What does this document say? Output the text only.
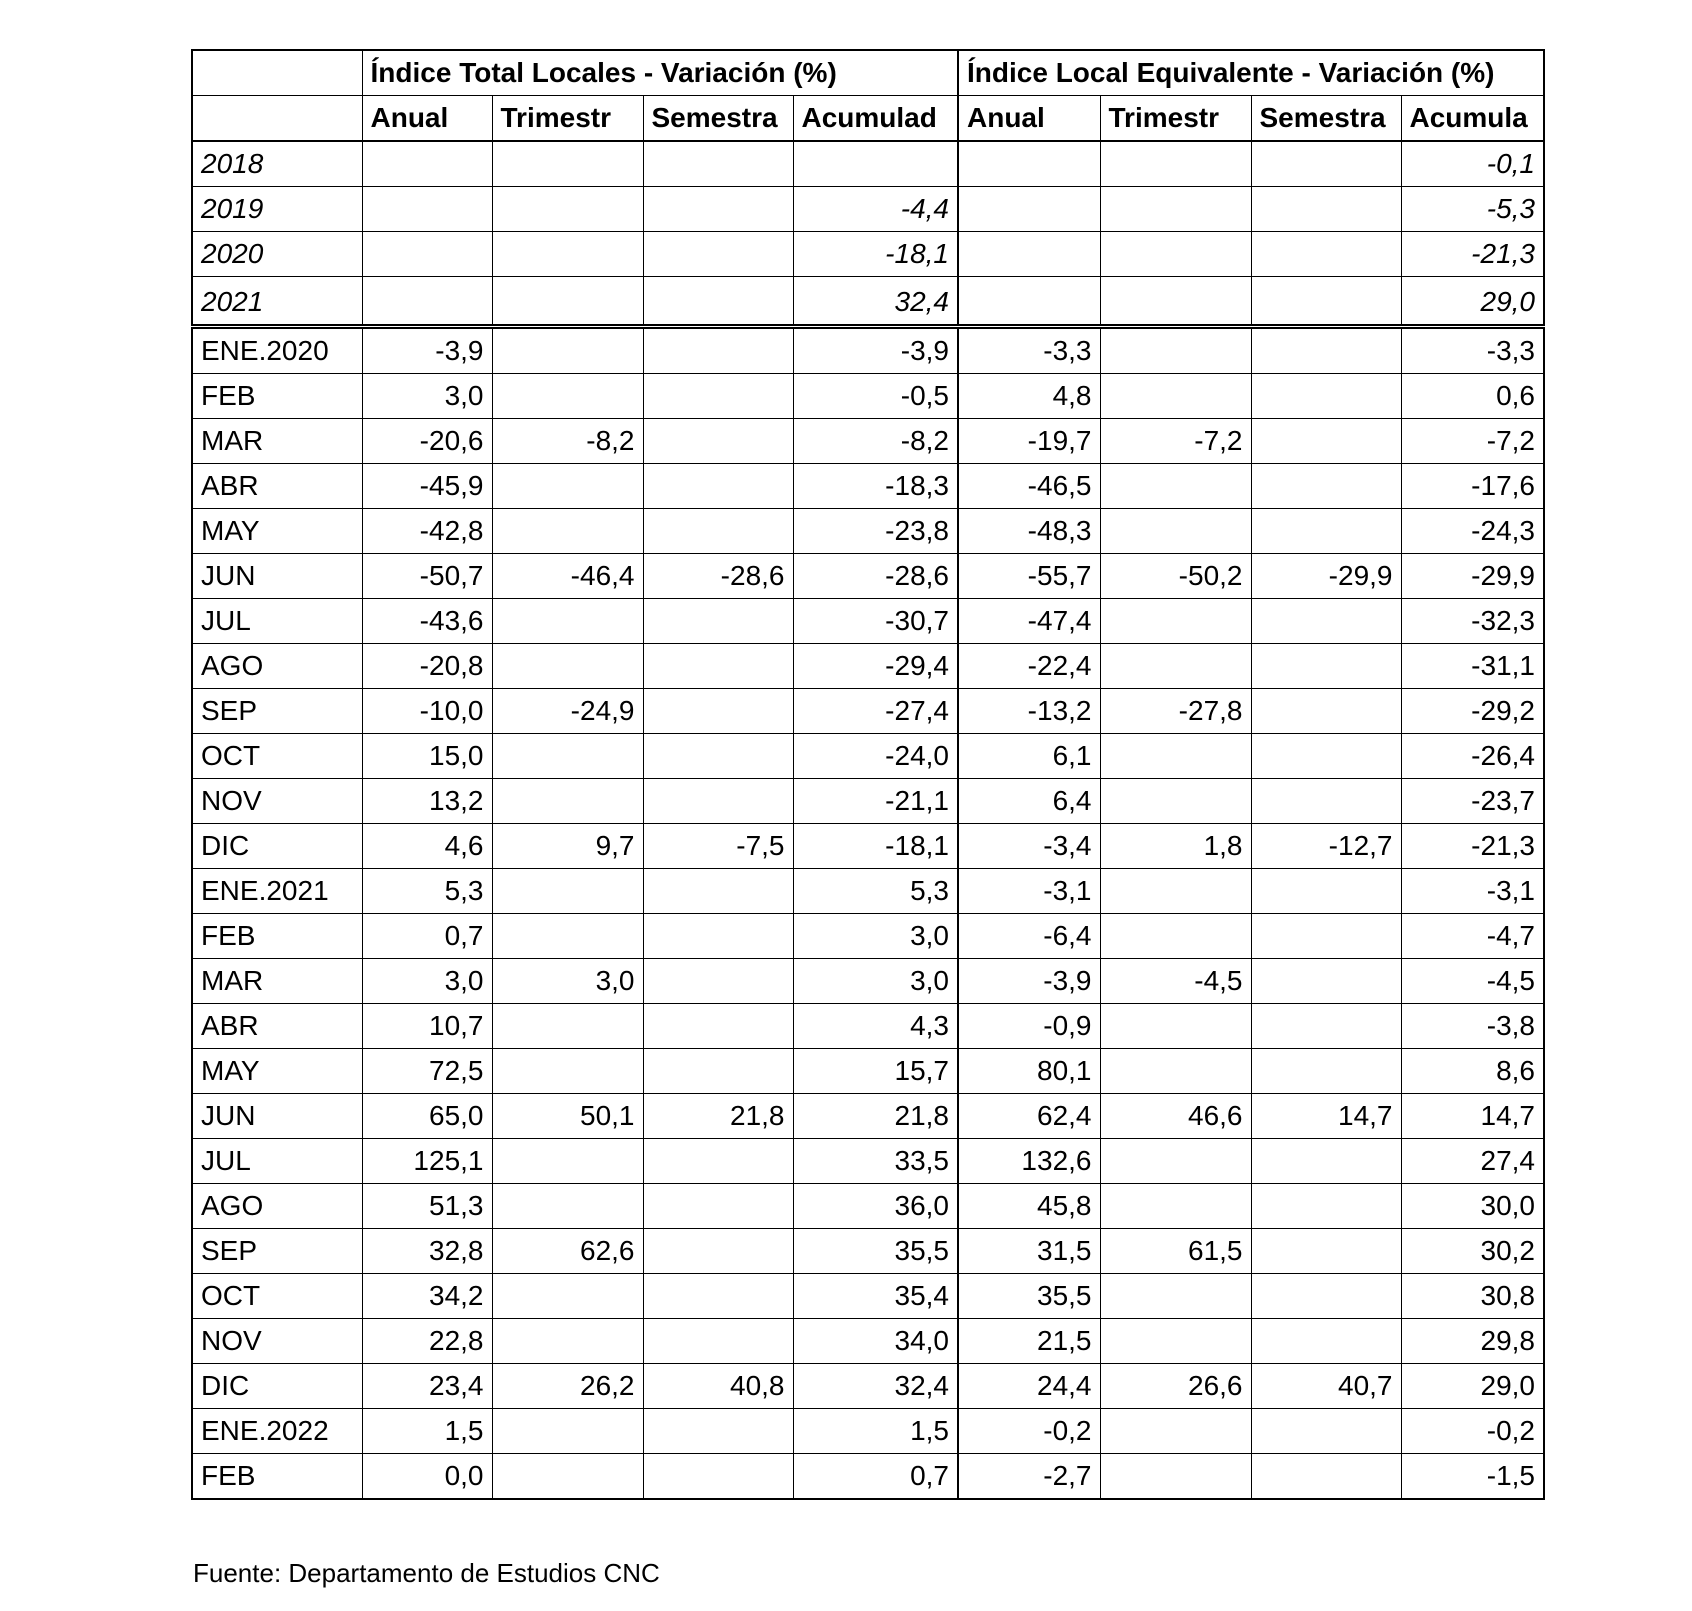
	Índice Total Locales - Variación (%)				Índice Local Equivalente - Variación (%)			
	Anual	Trimestr	Semestra	Acumulad	Anual	Trimestr	Semestra	Acumula
2018								-0,1
2019				-4,4				-5,3
2020				-18,1				-21,3
2021				32,4				29,0
ENE.2020	-3,9			-3,9	-3,3			-3,3
FEB	3,0			-0,5	4,8			0,6
MAR	-20,6	-8,2		-8,2	-19,7	-7,2		-7,2
ABR	-45,9			-18,3	-46,5			-17,6
MAY	-42,8			-23,8	-48,3			-24,3
JUN	-50,7	-46,4	-28,6	-28,6	-55,7	-50,2	-29,9	-29,9
JUL	-43,6			-30,7	-47,4			-32,3
AGO	-20,8			-29,4	-22,4			-31,1
SEP	-10,0	-24,9		-27,4	-13,2	-27,8		-29,2
OCT	15,0			-24,0	6,1			-26,4
NOV	13,2			-21,1	6,4			-23,7
DIC	4,6	9,7	-7,5	-18,1	-3,4	1,8	-12,7	-21,3
ENE.2021	5,3			5,3	-3,1			-3,1
FEB	0,7			3,0	-6,4			-4,7
MAR	3,0	3,0		3,0	-3,9	-4,5		-4,5
ABR	10,7			4,3	-0,9			-3,8
MAY	72,5			15,7	80,1			8,6
JUN	65,0	50,1	21,8	21,8	62,4	46,6	14,7	14,7
JUL	125,1			33,5	132,6			27,4
AGO	51,3			36,0	45,8			30,0
SEP	32,8	62,6		35,5	31,5	61,5		30,2
OCT	34,2			35,4	35,5			30,8
NOV	22,8			34,0	21,5			29,8
DIC	23,4	26,2	40,8	32,4	24,4	26,6	40,7	29,0
ENE.2022	1,5			1,5	-0,2			-0,2
FEB	0,0			0,7	-2,7			-1,5
Fuente: Departamento de Estudios CNC
